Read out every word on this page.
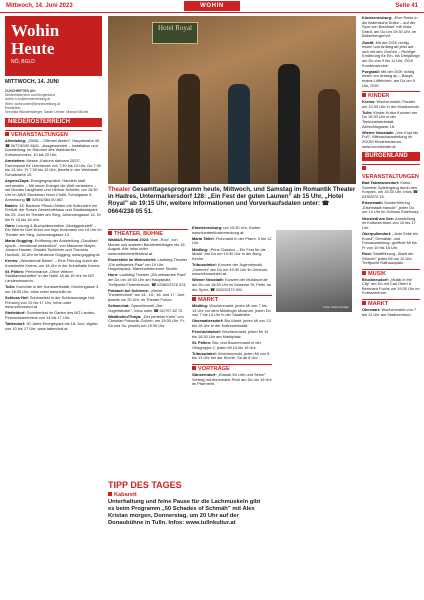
Mittwoch, 14. Juni 2023	WOHIN	Seite 41
Wohin
Heute
NÖ, BGLD
MITTWOCH, 14. JUNI
ZUSCHRIFTEN AN:
Niederösterreich und Burgenland
wohin.n-bu@kronenzeitung.at
Wien: wohin.wien@kronenzeitung.at
Redaktion:
Veronika Wundersberger, Sarah Lehner, Manuel Michel
NIEDERÖSTERREICH
VERANSTALTUNGEN

Allentsteig: „ZWAL – Offenes Atelier”, Hauptstraße 40, ☎ 0677/6190 8641. „Ausgewandert – Installation und Ausstellung, im Rahmen des Waldviertler Kultursommers, 10 bis 20 Uhr.

Amstetten: Messe „Kartons dahoam 2023”, Fachmesse für Lehrberufe von 7:30 bis 13 Uhr, Do 7:30 bis 13 Uhr, Fr 7:30 bis 13 Uhr, jeweils in der Werkstatt, Schulstraße 15.

Aspern/Zaya: Energiegespräch: Handeln statt verhandeln – Mit neuer Energie die Welt verändern – mit Monika Langthaler und Helmut Schüller, um 18:30 Uhr im AWS Stockerau Hoch Cridlit, Schulgasse 5, Anmeldung ☎ 02916/384 00 867.

Baden: 15. Badener Pflock-Gärten mit Kulturwien ein Freiluft, der Roses Gemeindehaus und Stadtwaldpark bis 25. Juni im Theater am Steg, Johannesgasse 14, Di bis Fr 16 bis 18 Uhr.

Gars: Lesung & Buchpräsentation „Musiggedudelt” – Ein Wiener Dorf-Krimi von Inge Kutzmann um 19 Uhr im Theater am Steg, Johannesgasse 14.

Maria Gugging: Eröffnung der Ausstellung „Gaudirad sports – emotional wesentlich”, von Marianne Mayer, Johann Hauser, Oswald Tschirtner und Theresia Hochnik, 16 Uhr im Museum Gugging, www.gugging.at.

Krems: „Wandernde Bären” – Eine Führung durch die Kunstmeile Krems, um 18 Uhr in der Kunsthalle Krems.

St. Pölten: Performance „Ohne Wiener Stadtlandschaften” in der Halle 18 ab 19 Uhr im NÖ Landesmuseum.

Tulln: Komödie in der Kunstwerkstatt, Kirchengasse 3, um 18:30 Uhr, Infos unter www.tulln.at.

Schloss Hof: Schlossfest in der Schlossanlage Hof, Führung von 10 bis 17 Uhr, Infos unter www.schlosshof.at.

Stetteldorf: Sommerfest im Garten des NÖ Landes-Pensionistenheims von 14 bis 17 Uhr.

Tattendorf: 30 Jahre Energiepark bis 18. Juni, täglich von 10 bis 17 Uhr, www.tattendorf.at.

Hotel Royal
Theater Gesamttagesprogramm heute, Mittwoch, und Samstag im Romantik Theater in Hadres, Untermarkersdorf 128: „Ein Fest der guten Launen” ab 15 Uhr, „Hotel Royal” ab 19:15 Uhr, weitere Informationen und Vorverkaufsdaten unter: ☎ 0664/238 05 51.
THEATER, BÜHNE

Wald4/4-Festival 2023: Vom „Roo”, von Moose und anderen Bandenfeldtagen bis 15. August. Alle Infos unter www.waldviertelfestival.at.

Enzersfeld im Weinviertel: Laufsteg-Theater „Ein seltsames Paar” um 19 Uhr, Hoppelsplatz, Mannhartsbrunner Straße.

Horn: Laufsteg-Theater „Ein seltsames Paar” am Do um 19:30 Uhr am Hauptplatz, Treffpunkt Florentineum, ☎ 02982/2376 374.

Pürbach bei Schrems: „Kleine Theaterbühne” am 14., 15., 16. und 17. Juni, jeweils um 20 Uhr, im Theater Forum.

Schwechat: Operettenzelt „Der Vogelhändler”, Infos unter ☎ 01/707 82 72.

Waidhofen/Thaya: „Der perfekte Kreis” von Christian Potocnik-Grüner, um 19:30 Uhr, Fr, Sa und So, jeweils um 19:30 Uhr.

Klosterneuburg: um 19:30 Uhr, Karten: www.theaterklosterneuburg.at.

Maria Taferl: Flohmarkt in der Pfarre, 9 bis 12 Uhr.

Mödling: „Prinz Classico – Ein Fest für die Musik” am Do um 19:30 Uhr in der Burg-Kirche.

Tribuswinkel: Konzert der Jugendmusik „Sommer” am Do um 19:30 Uhr im Zentrum, www.tribuswinkel.at.

Wiener Neustadt: Konzert der Musikschule am Do um 18:30 Uhr im Museum St. Peter an der Sperr, ☎ 02622/373 901.

MARKT

Mödling: Wochenmarkt, jeden Mi von 7 bis 13 Uhr vor dem Mödlinger Museum, jeden Do von 7 bis 13 Uhr in der Stadtmitte.

Oberwaltersdorf: Bio-Markt, jeden Mi von 13 bis 18 Uhr in der Kulturwerkstatt.

Perchtoldsdorf: Wochenmarkt, jeden Mi 14 bis 18:30 Uhr am Marktplatz.

St. Pölten: Bio- und Bauernmarkt in der Ortsgruppe 2, jeden Mi 15 bis 19 Uhr.

Tribuswinkel: Wochenmarkt, jeden Mi von 8 bis 13 Uhr bei der Kirche, Sa ab 8 Uhr.

VORTRÄGE

Gänserndorf: „Klassik für Leib und Seele”, Vortrag mit Annemarie Pricil am Do um 19 Uhr im Pfarrheim.

Foto: Julius Kristan
TIPP DES TAGES
Kabarett
Unterhaltung und feine Pause für die Lachmuskeln gibt es beim Programm „50 Schades of Schmäh” mit Alex Kristan morgen, Donnerstag, um 20 Uhr auf der Donaubühne in Tulln. Infos: www.tullnkultur.at

Klosterneuburg: „Eine Reise in die Italienische Kultur – auf der Spur von Buddhas” mit Viola Drarä, am Do um 19:30 Uhr, im Babenbergerhof.

Zwettl: Mit der ÖGK richtig essen und Anfang ab jetzt auf sich mit den Großen – Richtige Ernährung für Ein- bis Dreijährige am Do von 9 bis 11 Uhr, ÖGK Kundenservice.

Purgstall: Mit der ÖGK richtig essen vor Anfang an – Babys erstes Löffelchen, am Do um 9 Uhr, ÖGK.

KINDER

Krems: Wochenmarkt-Theater um 10:30 Uhr in der Musikschule.

Tulln: Kinder-Kultur Konzert am Do 15:30 Uhr in der Tenkunstwerkstatt, Albrechtsgasse 18.

Wiener Neustadt: „Von Kopf bis Fuß”, Mitmachausstellung im ZOOM Kindermuseum, www.zoomkinder.at.

BURGENLAND
VERANSTALTUNGEN

Bad Tatzmannsdorf: Kultur-Sommer-Spielergang durch den Kurpark, um 15:30 Uhr, Infos ☎ 03353/70 15.

Eisenstadt: Sonderführung „Eisenstadt barockt”, jeden Do um 14 Uhr im Schloss Esterhazy.

Neusiedl am See: Ausstellung im Kulturzentrum von 10 bis 17 Uhr.

Oberpullendorf: „Jede Ecke ein Kunst”, Gemälde- und Fotoausstellung, geöffnet Mi bis Fr von 10 bis 16 Uhr.

Rust: Stadtführung „Stadt der Störche” jeden Mi um 10 Uhr, Treffpunkt Rathausplatz.

MUSIK

Bruckneudorf: „Musik in the City” am Do mit Carl Oberl & Bernhard Fuchs um 19:30 Uhr im Kulturzentrum.

MARKT

Oberwart: Wochenmarkt von 7 bis 12 Uhr am Stadtzentrum.
